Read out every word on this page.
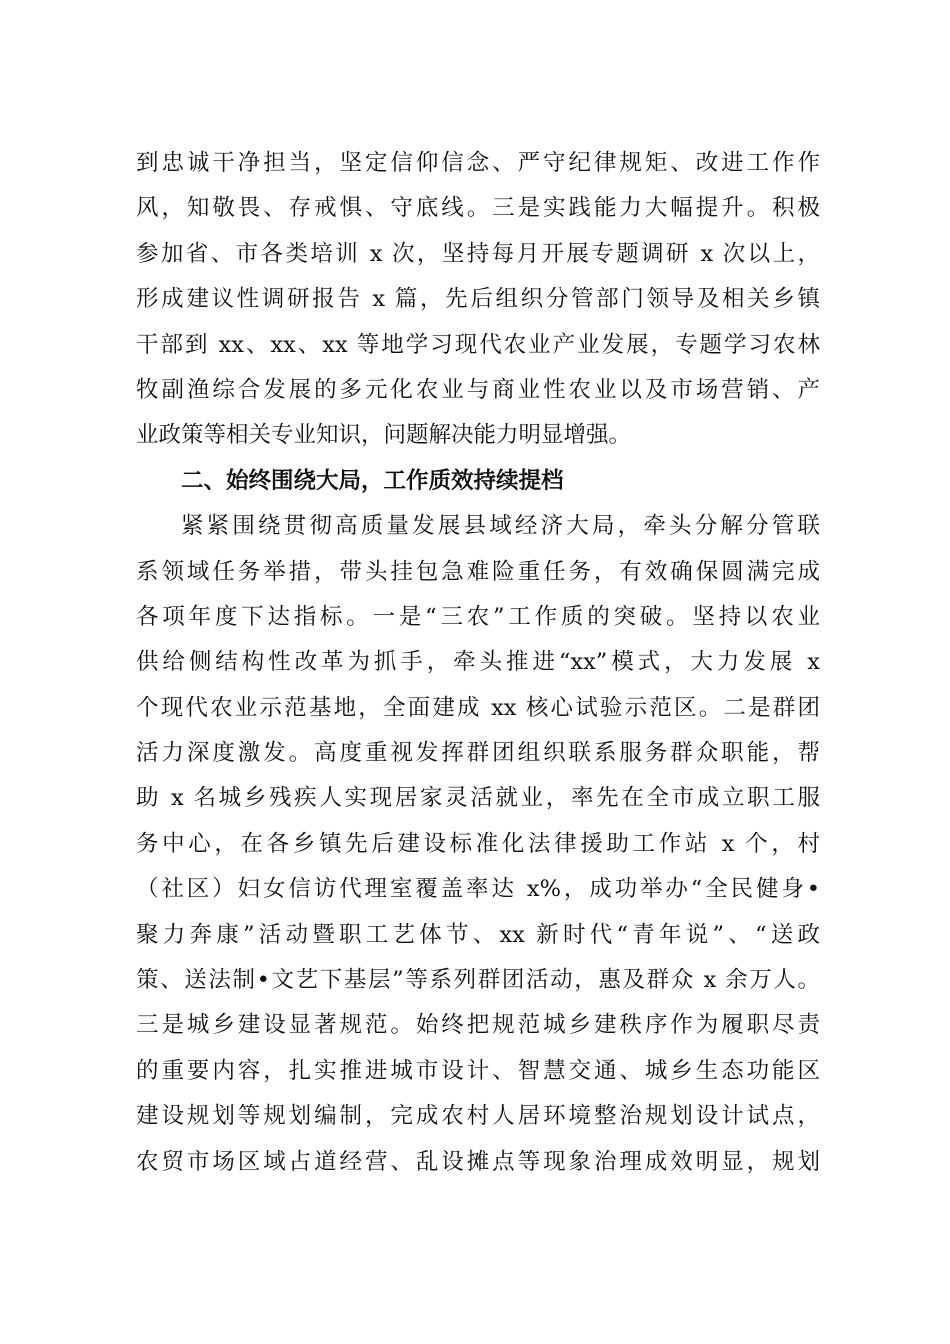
到忠诚干净担当，坚定信仰信念、严守纪律规矩、改进工作作
风，知敬畏、存戒惧、守底线。三是实践能力大幅提升。积极
参加省、市各类培训 x 次，坚持每月开展专题调研 x 次以上，
形成建议性调研报告 x 篇，先后组织分管部门领导及相关乡镇
干部到 xx、xx、xx 等地学习现代农业产业发展，专题学习农林
牧副渔综合发展的多元化农业与商业性农业以及市场营销、产
业政策等相关专业知识，问题解决能力明显增强。
二、始终围绕大局，工作质效持续提档
紧紧围绕贯彻高质量发展县域经济大局，牵头分解分管联
系领域任务举措，带头挂包急难险重任务，有效确保圆满完成
各项年度下达指标。一是“三农”工作质的突破。坚持以农业
供给侧结构性改革为抓手，牵头推进“xx”模式，大力发展 x
个现代农业示范基地，全面建成 xx 核心试验示范区。二是群团
活力深度激发。高度重视发挥群团组织联系服务群众职能，帮
助 x 名城乡残疾人实现居家灵活就业，率先在全市成立职工服
务中心，在各乡镇先后建设标准化法律援助工作站 x 个，村
（社区）妇女信访代理室覆盖率达 x%，成功举办“全民健身•
聚力奔康”活动暨职工艺体节、xx 新时代“青年说”、“送政
策、送法制•文艺下基层”等系列群团活动，惠及群众 x 余万人。
三是城乡建设显著规范。始终把规范城乡建秩序作为履职尽责
的重要内容，扎实推进城市设计、智慧交通、城乡生态功能区
建设规划等规划编制，完成农村人居环境整治规划设计试点，
农贸市场区域占道经营、乱设摊点等现象治理成效明显，规划
